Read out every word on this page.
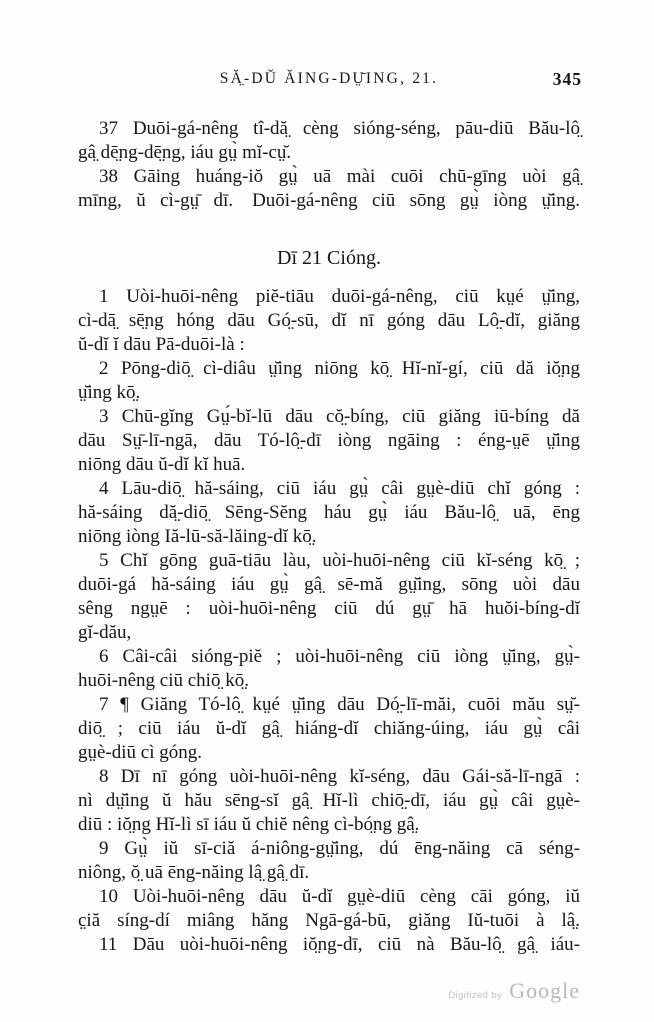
SĂ̤-DŬ ĂING-DṲ̄ING, 21.	345

37 Duōi-gá-nêng tî-dă̤ cèng sióng-séng, pāu-diū Bău-lô̤
gâ̤ dē̤ng-dē̤ng, iáu gṳ̀ mĭ-cṳ̆.

38 Gāing huáng-iŏ gṳ̀ uā mài cuōi chū-gīng uòi gâ̤
mīng, ŭ cì-gṳ̄ dī.  Duōi-gá-nêng ciū sōng gṳ̀ iòng ṳ̆ing.

Dī 21 Cióng.

1 Uòi-huōi-nêng piĕ-tiāu duōi-gá-nêng, ciū kṳé ṳ̆ing,
cì-dā̤ sē̤ng hóng dāu Gó̤-sū, dĭ nī góng dāu Lô̤-dĭ, giăng
ŭ-dĭ ĭ dāu Pā-duōi-là :

2 Pōng-diō̤ cì-diâu ṳ̆ing niōng kō̤ Hĭ-nĭ-gí, ciū dă iŏ̤ng
ṳ̆ing kō̤.

3 Chū-gĭng Gṳ́-bĭ-lū dāu cŏ̤-bíng, ciū giăng iū-bíng dă
dāu Sṳ̄-lī-ngā, dāu Tó-lô̤-dī iòng ngāing : éng-ṳē ṳ̆ing
niōng dāu ŭ-dĭ kĭ huā.

4 Lāu-diō̤ hă-sáing, ciū iáu gṳ̀ câi gṳè-diū chĭ góng :
hă-sáing dă̤-diō̤ Sēng-Sĕng háu gṳ̀ iáu Bău-lô̤ uā, ēng
niōng iòng Iă-lū-să-lăing-dĭ kō̤.

5 Chĭ gōng guā-tiāu làu, uòi-huōi-nêng ciū kĭ-séng kō̤ ;
duōi-gá hă-sáing iáu gṳ̀ gâ̤ sē-mă gṳ̆ing, sōng uòi dāu
sêng ngṳē : uòi-huōi-nêng ciū dú gṳ̄ hā huŏi-bíng-dĭ
gĭ-dău,

6 Câi-câi sióng-piĕ ; uòi-huōi-nêng ciū iòng ṳ̆ing, gṳ̀-
huōi-nêng ciū chiō̤ kō̤.

7 ¶ Giăng Tó-lô̤ kṳé ṳ̆ing dāu Dó̤-lī-măi, cuōi mău sṳ̆-
diō̤ ; ciū iáu ŭ-dĭ gâ̤ hiáng-dĭ chiăng-úing, iáu gṳ̀ câi
gṳè-diū cì góng.

8 Dī nī góng uòi-huōi-nêng kĭ-séng, dāu Gái-să-lī-ngā :
nì dṳ̆ing ŭ hău sēng-sĭ gâ̤ Hĭ-lì chiō̤-dī, iáu gṳ̀ câi gṳè-
diū : iŏ̤ng Hĭ-lì sī iáu ŭ chiĕ nêng cì-bó̤ng gâ̤.

9 Gṳ̀ iŭ sī-ciă á-niông-gṳ̆ing, dú ēng-năing cā séng-
niông, ŏ̤ uā ēng-năing lâ̤ gâ̤ dī.

10 Uòi-huōi-nêng dāu ŭ-dĭ gṳè-diū cèng cāi góng, iŭ
c̤iă síng-dí miâng hăng Ngā-gá-bū, giăng Iŭ-tuōi à lâ̤.

11 Dāu uòi-huōi-nêng iŏ̤ng-dī, ciū nà Bău-lô̤ gâ̤ iáu-

Digitized by Google
